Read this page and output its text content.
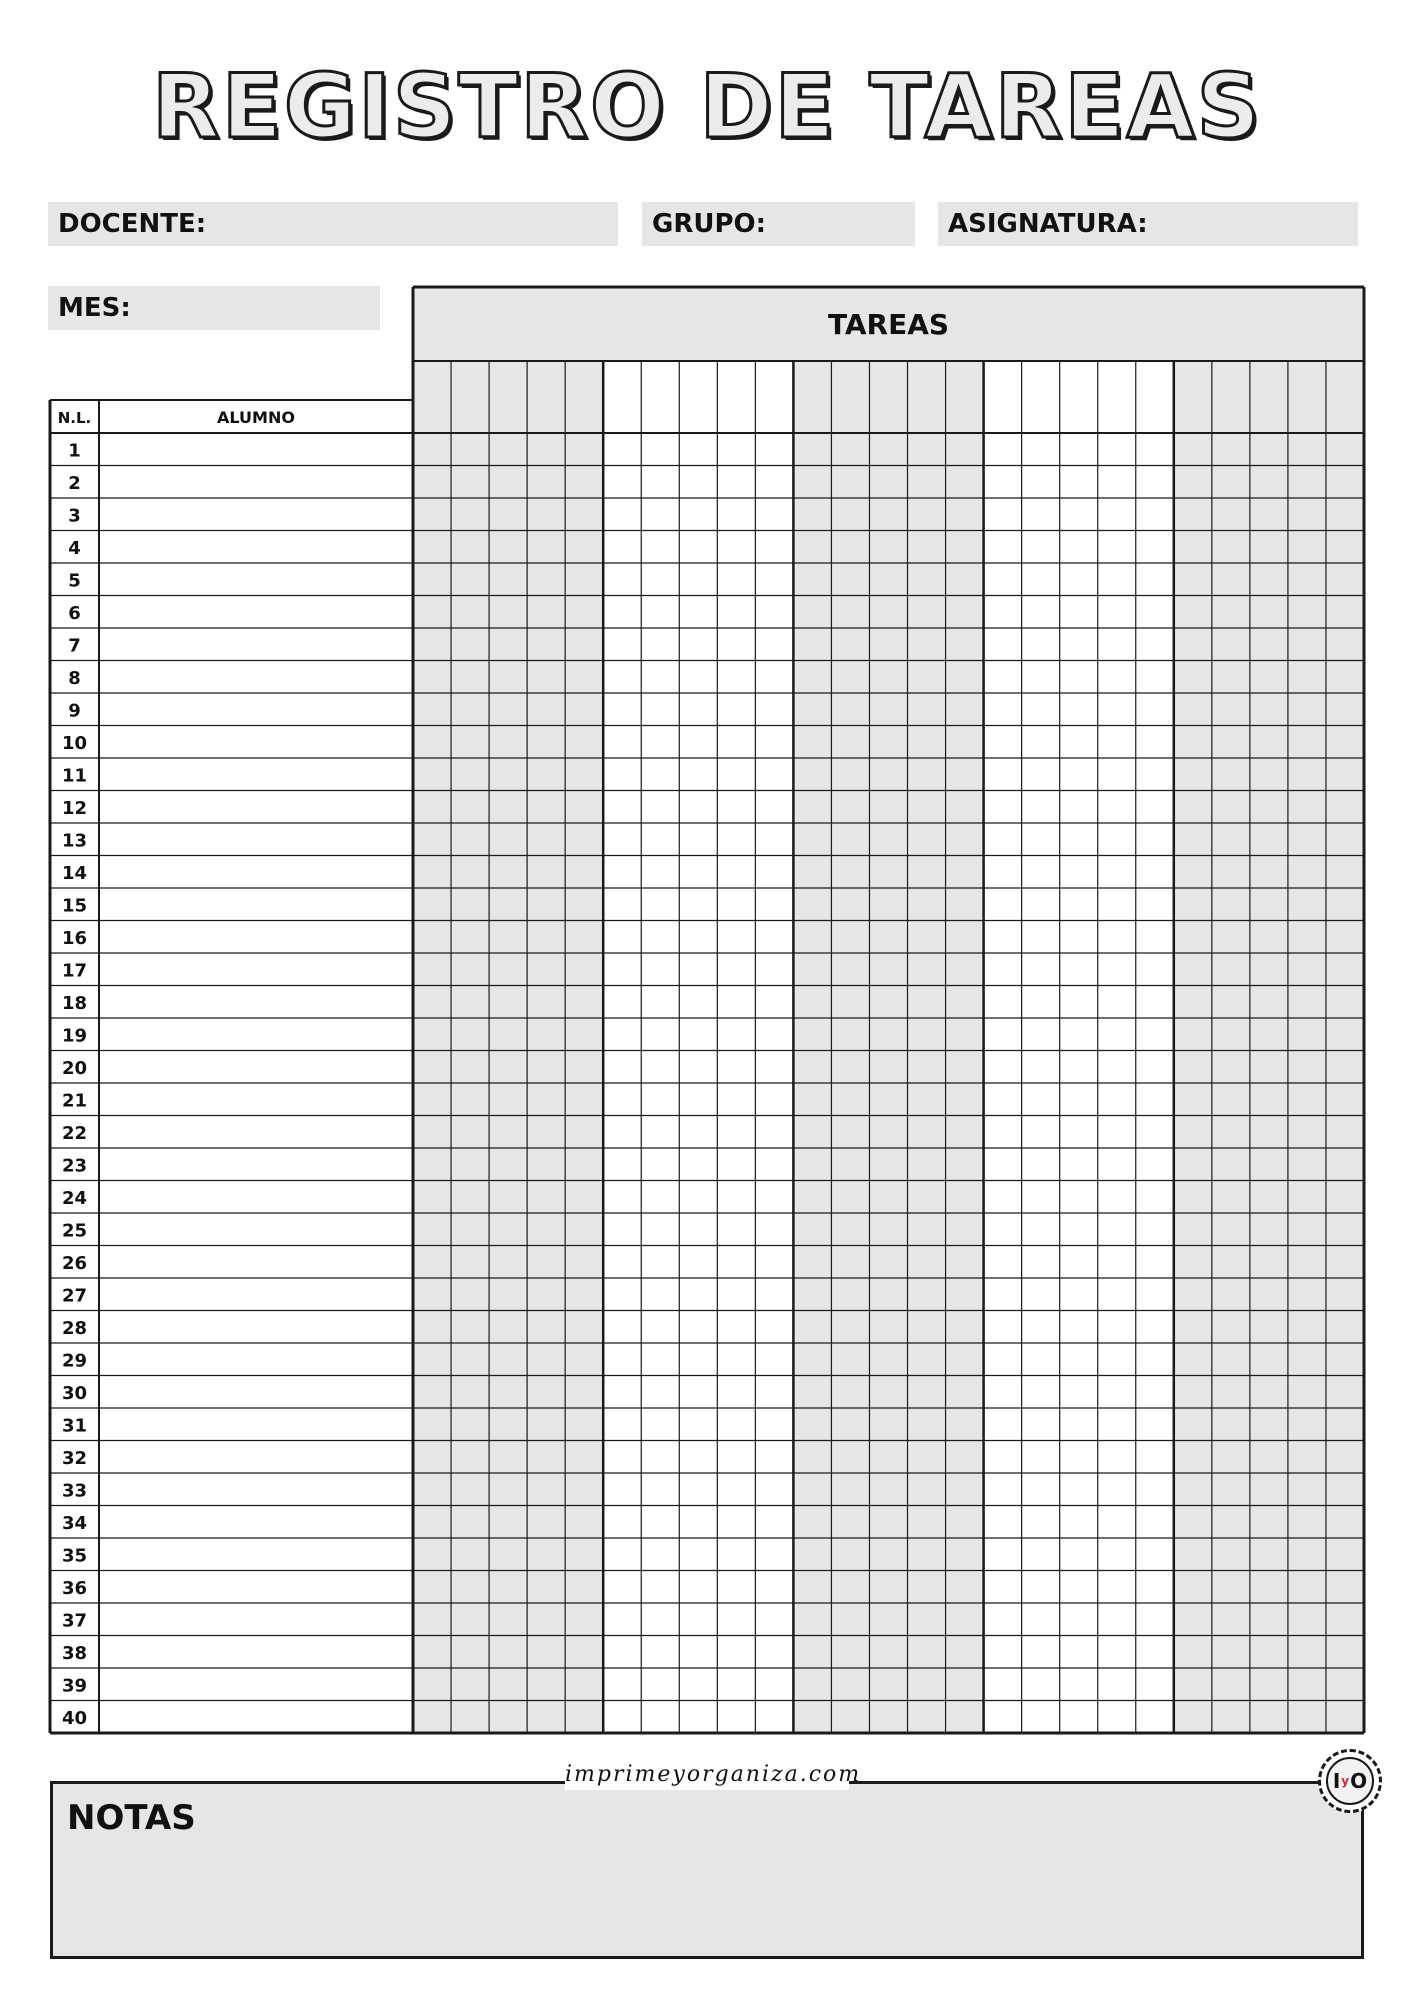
REGISTRO DE TAREAS
DOCENTE:	GRUPO:	ASIGNATURA:
MES:	TAREAS
N.L.	ALUMNO
1
2
3
4
5
6
7
8
9
10
11
12
13
14
15
16
17
18
19
20
21
22
23
24
25
26
27
28
29
30
31
32
33
34
35
36
37
38
39
40
NOTAS
imprimeyorganiza.com	I y O
